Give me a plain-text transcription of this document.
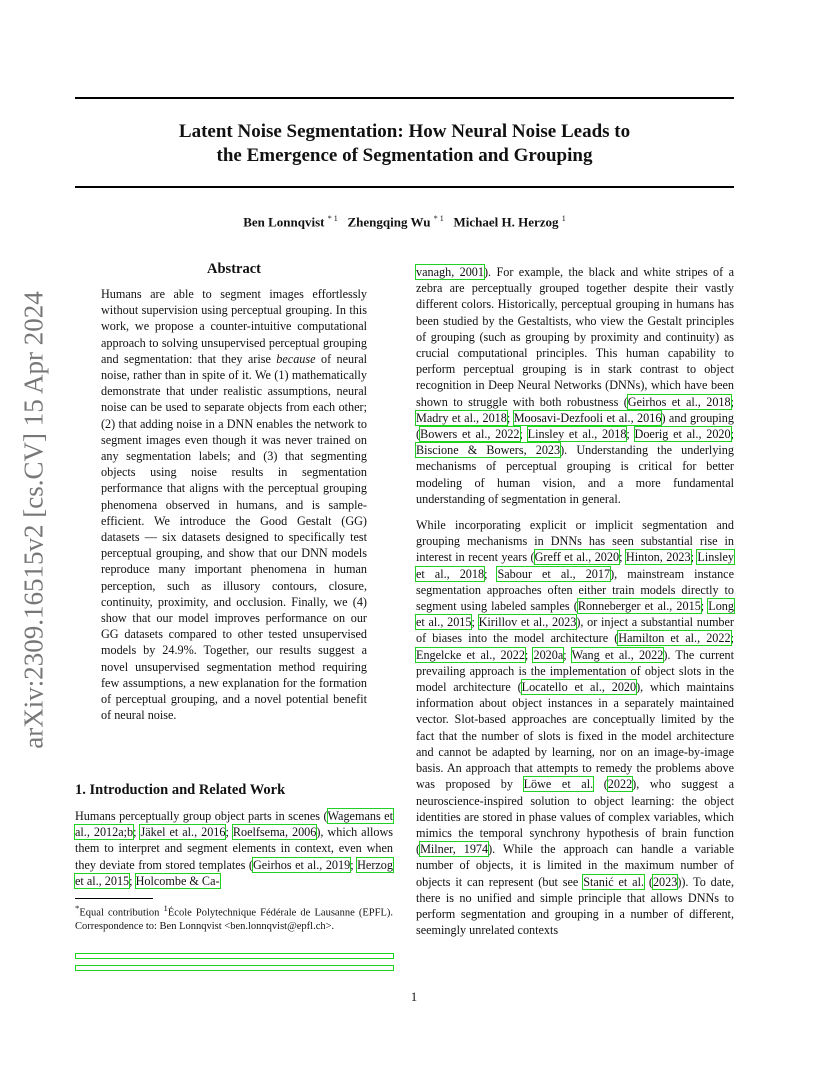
arXiv:2309.16515v2 [cs.CV] 15 Apr 2024
Latent Noise Segmentation: How Neural Noise Leads to
the Emergence of Segmentation and Grouping
Ben Lonnqvist $^{* 1}$ Zhengqing Wu $^{* 1}$ Michael H. Herzog $^1$
Abstract
Humans are able to segment images effortlessly without supervision using perceptual grouping. In this work, we propose a counter-intuitive computational approach to solving unsupervised perceptual grouping and segmentation: that they arise because of neural noise, rather than in spite of it. We (1) mathematically demonstrate that under realistic assumptions, neural noise can be used to separate objects from each other; (2) that adding noise in a DNN enables the network to segment images even though it was never trained on any segmentation labels; and (3) that segmenting objects using noise results in segmentation performance that aligns with the perceptual grouping phenomena observed in humans, and is sample-efficient. We introduce the Good Gestalt (GG) datasets — six datasets designed to specifically test perceptual grouping, and show that our DNN models reproduce many important phenomena in human perception, such as illusory contours, closure, continuity, proximity, and occlusion. Finally, we (4) show that our model improves performance on our GG datasets compared to other tested unsupervised models by 24.9%. Together, our results suggest a novel unsupervised segmentation method requiring few assumptions, a new explanation for the formation of perceptual grouping, and a novel potential benefit of neural noise.
1. Introduction and Related Work

Humans perceptually group object parts in scenes (Wagemans et al., 2012a;b; Jäkel et al., 2016; Roelfsema, 2006), which allows them to interpret and segment elements in context, even when they deviate from stored templates (Geirhos et al., 2019; Herzog et al., 2015; Holcombe & Ca-

*Equal contribution $^1$École Polytechnique Fédérale de Lausanne (EPFL). Correspondence to: Ben Lonnqvist <ben.lonnqvist@epfl.ch>.

vanagh, 2001). For example, the black and white stripes of a zebra are perceptually grouped together despite their vastly different colors. Historically, perceptual grouping in humans has been studied by the Gestaltists, who view the Gestalt principles of grouping (such as grouping by proximity and continuity) as crucial computational principles. This human capability to perform perceptual grouping is in stark contrast to object recognition in Deep Neural Networks (DNNs), which have been shown to struggle with both robustness (Geirhos et al., 2018; Madry et al., 2018; Moosavi-Dezfooli et al., 2016) and grouping (Bowers et al., 2022; Linsley et al., 2018; Doerig et al., 2020; Biscione & Bowers, 2023). Understanding the underlying mechanisms of perceptual grouping is critical for better modeling of human vision, and a more fundamental understanding of segmentation in general.

While incorporating explicit or implicit segmentation and grouping mechanisms in DNNs has seen substantial rise in interest in recent years (Greff et al., 2020; Hinton, 2023; Linsley et al., 2018; Sabour et al., 2017), mainstream instance segmentation approaches often either train models directly to segment using labeled samples (Ronneberger et al., 2015; Long et al., 2015; Kirillov et al., 2023), or inject a substantial number of biases into the model architecture (Hamilton et al., 2022; Engelcke et al., 2022; 2020a; Wang et al., 2022). The current prevailing approach is the implementation of object slots in the model architecture (Locatello et al., 2020), which maintains information about object instances in a separately maintained vector. Slot-based approaches are conceptually limited by the fact that the number of slots is fixed in the model architecture and cannot be adapted by learning, nor on an image-by-image basis. An approach that attempts to remedy the problems above was proposed by Löwe et al. (2022), who suggest a neuroscience-inspired solution to object learning: the object identities are stored in phase values of complex variables, which mimics the temporal synchrony hypothesis of brain function (Milner, 1974). While the approach can handle a variable number of objects, it is limited in the maximum number of objects it can represent (but see Stanić et al. (2023)). To date, there is no unified and simple principle that allows DNNs to perform segmentation and grouping in a number of different, seemingly unrelated contexts

1
